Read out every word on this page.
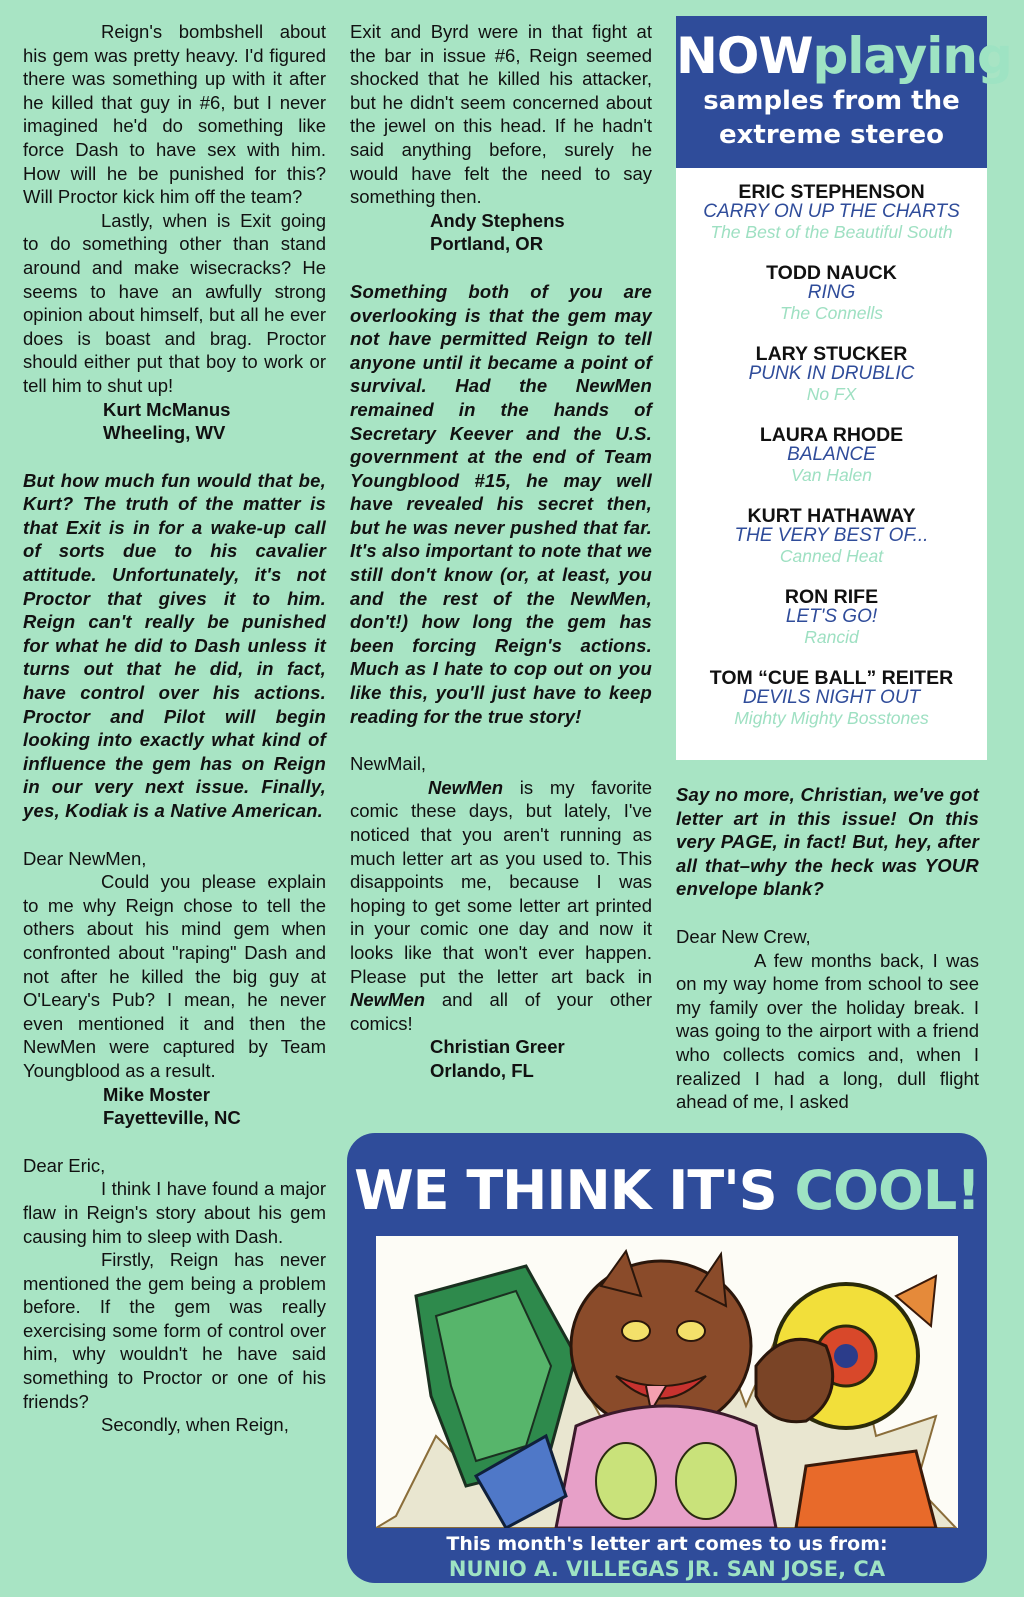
Reign's bombshell about his gem was pretty heavy. I'd figured there was something up with it after he killed that guy in #6, but I never imagined he'd do something like force Dash to have sex with him. How will he be punished for this? Will Proctor kick him off the team?

Lastly, when is Exit going to do something other than stand around and make wisecracks? He seems to have an awfully strong opinion about himself, but all he ever does is boast and brag. Proctor should either put that boy to work or tell him to shut up!

Kurt McManus

Wheeling, WV

But how much fun would that be, Kurt? The truth of the matter is that Exit is in for a wake-up call of sorts due to his cavalier attitude. Unfortunately, it's not Proctor that gives it to him. Reign can't really be punished for what he did to Dash unless it turns out that he did, in fact, have control over his actions. Proctor and Pilot will begin looking into exactly what kind of influence the gem has on Reign in our very next issue. Finally, yes, Kodiak is a Native American.

Dear NewMen,

Could you please explain to me why Reign chose to tell the others about his mind gem when confronted about "raping" Dash and not after he killed the big guy at O'Leary's Pub? I mean, he never even mentioned it and then the NewMen were captured by Team Youngblood as a result.

Mike Moster

Fayetteville, NC

Dear Eric,

I think I have found a major flaw in Reign's story about his gem causing him to sleep with Dash.

Firstly, Reign has never mentioned the gem being a problem before. If the gem was really exercising some form of control over him, why wouldn't he have said something to Proctor or one of his friends?

Secondly, when Reign,

Exit and Byrd were in that fight at the bar in issue #6, Reign seemed shocked that he killed his attacker, but he didn't seem concerned about the jewel on this head. If he hadn't said anything before, surely he would have felt the need to say something then.

Andy Stephens

Portland, OR

Something both of you are overlooking is that the gem may not have permitted Reign to tell anyone until it became a point of survival. Had the NewMen remained in the hands of Secretary Keever and the U.S. government at the end of Team Youngblood #15, he may well have revealed his secret then, but he was never pushed that far. It's also important to note that we still don't know (or, at least, you and the rest of the NewMen, don't!) how long the gem has been forcing Reign's actions. Much as I hate to cop out on you like this, you'll just have to keep reading for the true story!

NewMail,

NewMen is my favorite comic these days, but lately, I've noticed that you aren't running as much letter art as you used to. This disappoints me, because I was hoping to get some letter art printed in your comic one day and now it looks like that won't ever happen. Please put the letter art back in NewMen and all of your other comics!

Christian Greer

Orlando, FL

NOWplaying
samples from the
extreme stereo
ERIC STEPHENSON
CARRY ON UP THE CHARTS
The Best of the Beautiful South
TODD NAUCK
RING
The Connells
LARY STUCKER
PUNK IN DRUBLIC
No FX
LAURA RHODE
BALANCE
Van Halen
KURT HATHAWAY
THE VERY BEST OF...
Canned Heat
RON RIFE
LET'S GO!
Rancid
TOM “CUE BALL” REITER
DEVILS NIGHT OUT
Mighty Mighty Bosstones

Say no more, Christian, we've got letter art in this issue! On this very PAGE, in fact! But, hey, after all that–why the heck was YOUR envelope blank?

Dear New Crew,

A few months back, I was on my way home from school to see my family over the holiday break. I was going to the airport with a friend who collects comics and, when I realized I had a long, dull flight ahead of me, I asked

WE THINK IT'S COOL!
This month's letter art comes to us from:
NUNIO A. VILLEGAS JR. SAN JOSE, CA
